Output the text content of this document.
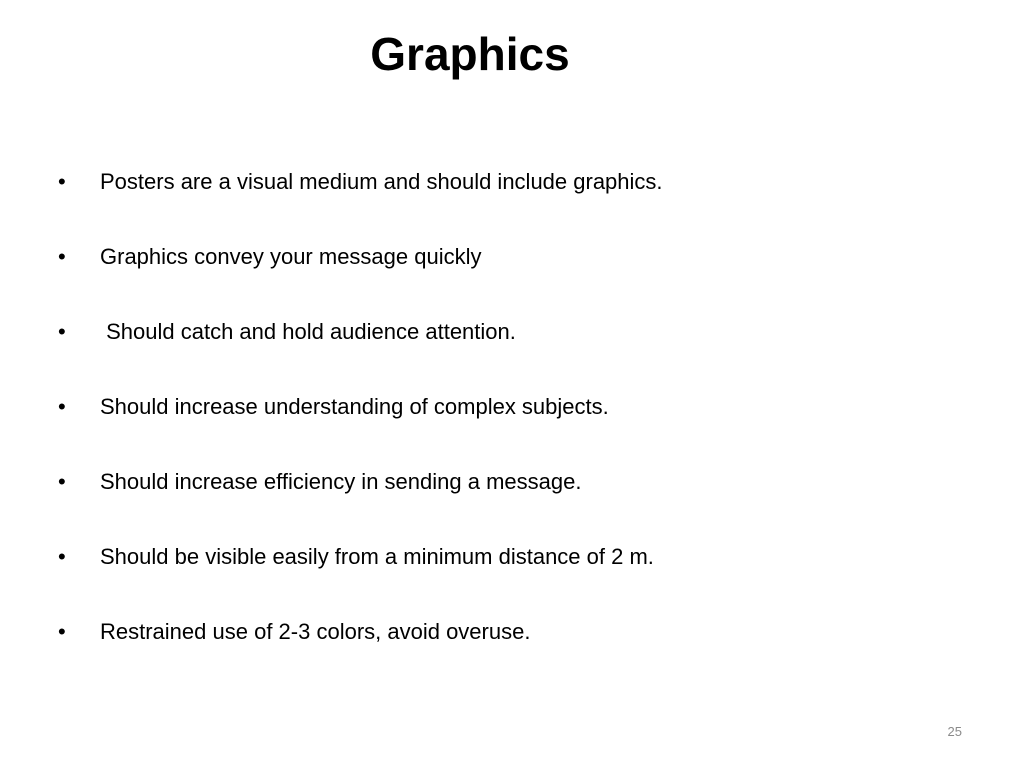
Graphics
•	Posters are a visual medium and should include graphics.
•	Graphics convey your message quickly
•	Should catch and hold audience attention.
•	Should increase understanding of complex subjects.
•	Should increase efficiency in sending a message.
•	Should be visible easily from a minimum distance of 2 m.
•	Restrained use of 2-3 colors, avoid overuse.
25
